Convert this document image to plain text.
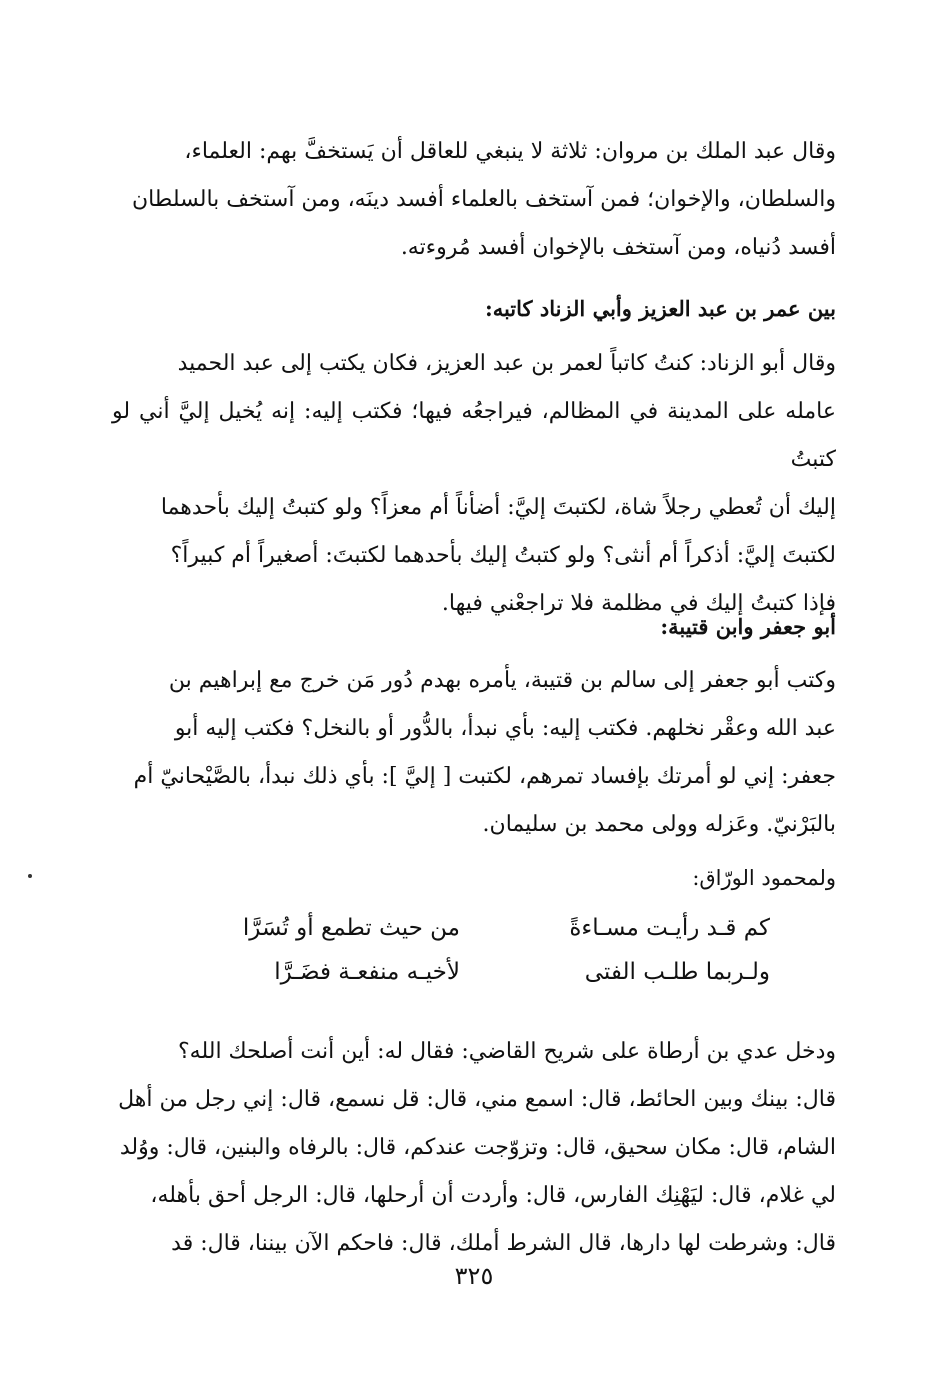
وقال عبد الملك بن مروان: ثلاثة لا ينبغي للعاقل أن يَستخفَّ بهم: العلماء،

والسلطان، والإخوان؛ فمن آستخف بالعلماء أفسد دينَه، ومن آستخف بالسلطان

أفسد دُنياه، ومن آستخف بالإخوان أفسد مُروءته.

بين عمر بن عبد العزيز وأبي الزناد كاتبه:

وقال أبو الزناد: كنتُ كاتباً لعمر بن عبد العزيز، فكان يكتب إلى عبد الحميد

عامله على المدينة في المظالم، فيراجعُه فيها؛ فكتب إليه: إنه يُخيل إليَّ أني لو كتبتُ

إليك أن تُعطي رجلاً شاة، لكتبتَ إليَّ: أضأناً أم معزاً؟ ولو كتبتُ إليك بأحدهما

لكتبتَ إليَّ: أذكراً أم أنثى؟ ولو كتبتُ إليك بأحدهما لكتبتَ: أصغيراً أم كبيراً؟

فإذا كتبتُ إليك في مظلمة فلا تراجعْني فيها.

أبو جعفر وابن قتيبة:

وكتب أبو جعفر إلى سالم بن قتيبة، يأمره بهدم دُور مَن خرج مع إبراهيم بن

عبد الله وعقْر نخلهم. فكتب إليه: بأي نبدأ، بالدُّور أو بالنخل؟ فكتب إليه أبو

جعفر: إني لو أمرتك بإفساد تمرهم، لكتبت [ إليَّ ]: بأي ذلك نبدأ، بالصَّيْحانيّ أم

بالبَرْنيّ. وعَزله وولى محمد بن سليمان.

ولمحمود الورّاق:

كم قـد رأيـت مسـاءةً
من حيث تطمع أو تُسَرَّا
ولـربما طلـب الفتى
لأخيـه منفعـة فضَـرَّا

ودخل عدي بن أرطاة على شريح القاضي: فقال له: أين أنت أصلحك الله؟

قال: بينك وبين الحائط، قال: اسمع مني، قال: قل نسمع، قال: إني رجل من أهل

الشام، قال: مكان سحيق، قال: وتزوّجت عندكم، قال: بالرفاه والبنين، قال: ووُلد

لي غلام، قال: ليَهْنِك الفارس، قال: وأردت أن أرحلها، قال: الرجل أحق بأهله،

قال: وشرطت لها دارها، قال الشرط أملك، قال: فاحكم الآن بيننا، قال: قد

٣٢٥
